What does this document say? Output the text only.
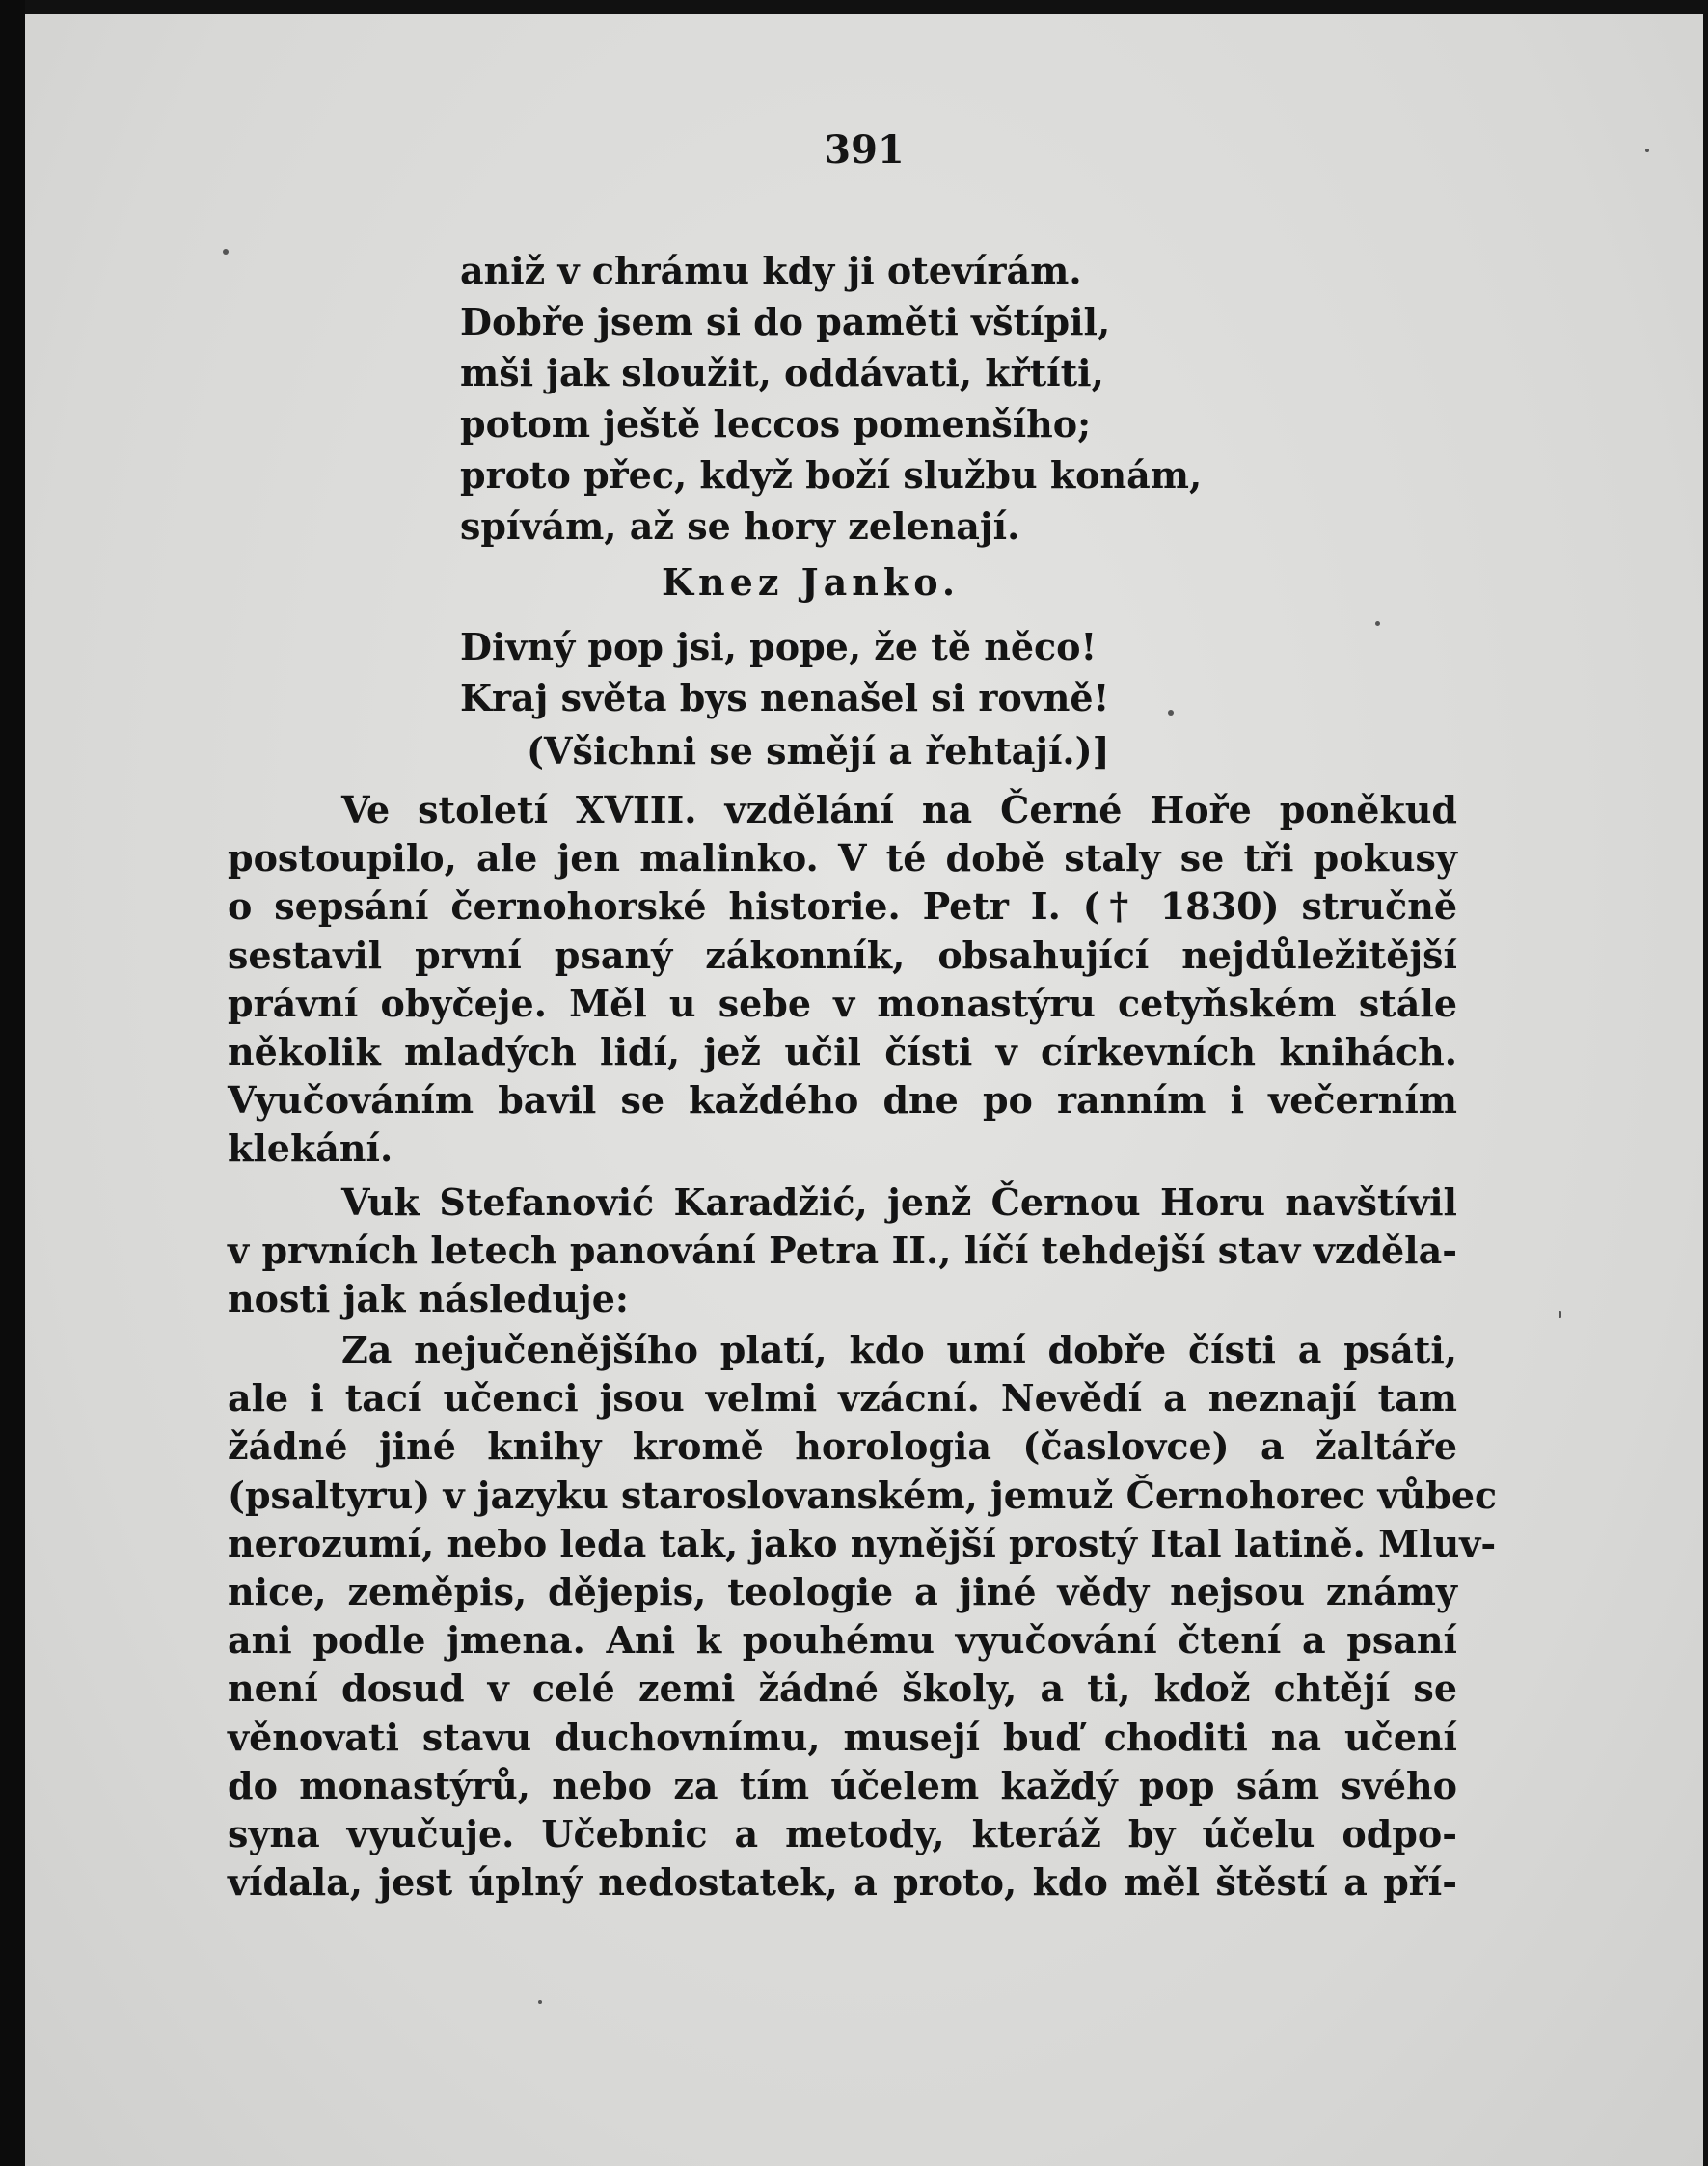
391
aniž v chrámu kdy ji otevírám.
Dobře jsem si do paměti vštípil,
mši jak sloužit, oddávati, křtíti,
potom ještě leccos pomenšího;
proto přec, když boží službu konám,
spívám, až se hory zelenají.
Knez Janko.
Divný pop jsi, pope, že tě něco!
Kraj světa bys nenašel si rovně!
(Všichni se smějí a řehtají.)]
Ve století XVIII. vzdělání na Černé Hoře poněkud
postoupilo, ale jen malinko. V té době staly se tři pokusy
o sepsání černohorské historie. Petr I. († 1830) stručně
sestavil první psaný zákonník, obsahující nejdůležitější
právní obyčeje. Měl u sebe v monastýru cetyňském stále
několik mladých lidí, jež učil čísti v církevních knihách.
Vyučováním bavil se každého dne po ranním i večerním
klekání.
Vuk Stefanović Karadžić, jenž Černou Horu navštívil
v prvních letech panování Petra II., líčí tehdejší stav vzděla-
nosti jak následuje:
Za nejučenějšího platí, kdo umí dobře čísti a psáti,
ale i tací učenci jsou velmi vzácní. Nevědí a neznají tam
žádné jiné knihy kromě horologia (časlovce) a žaltáře
(psaltyru) v jazyku staroslovanském, jemuž Černohorec vůbec
nerozumí, nebo leda tak, jako nynější prostý Ital latině. Mluv-
nice, zeměpis, dějepis, teologie a jiné vědy nejsou známy
ani podle jmena. Ani k pouhému vyučování čtení a psaní
není dosud v celé zemi žádné školy, a ti, kdož chtějí se
věnovati stavu duchovnímu, musejí buď choditi na učení
do monastýrů, nebo za tím účelem každý pop sám svého
syna vyučuje. Učebnic a metody, kteráž by účelu odpo-
vídala, jest úplný nedostatek, a proto, kdo měl štěstí a pří-
